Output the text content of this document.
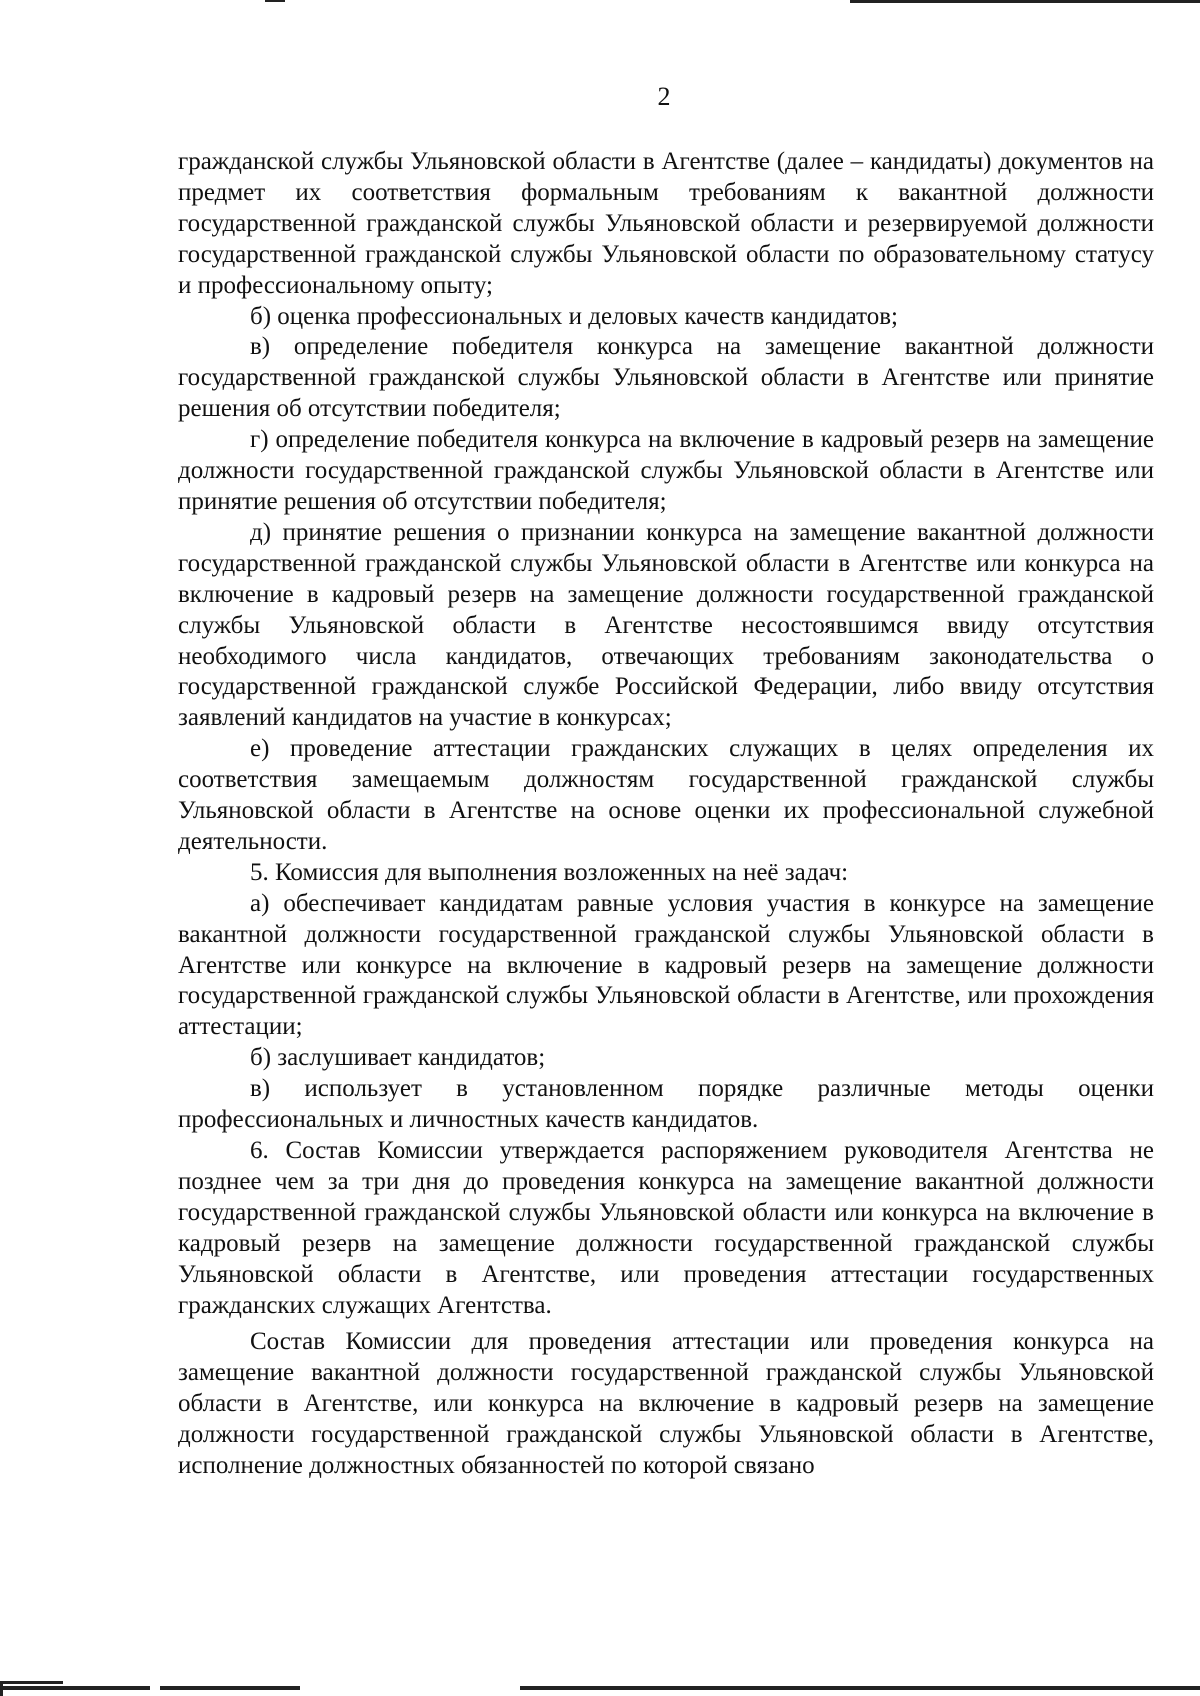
2

гражданской службы Ульяновской области в Агентстве (далее – кандидаты) документов на предмет их соответствия формальным требованиям к вакантной должности государственной гражданской службы Ульяновской области и резервируемой должности государственной гражданской службы Ульяновской области по образовательному статусу и профессиональному опыту;

б) оценка профессиональных и деловых качеств кандидатов;

в) определение победителя конкурса на замещение вакантной должности государственной гражданской службы Ульяновской области в Агентстве или принятие решения об отсутствии победителя;

г) определение победителя конкурса на включение в кадровый резерв на замещение должности государственной гражданской службы Ульяновской области в Агентстве или принятие решения об отсутствии победителя;

д) принятие решения о признании конкурса на замещение вакантной должности государственной гражданской службы Ульяновской области в Агентстве или конкурса на включение в кадровый резерв на замещение должности государственной гражданской службы Ульяновской области в Агентстве несостоявшимся ввиду отсутствия необходимого числа кандидатов, отвечающих требованиям законодательства о государственной гражданской службе Российской Федерации, либо ввиду отсутствия заявлений кандидатов на участие в конкурсах;

е) проведение аттестации гражданских служащих в целях определения их соответствия замещаемым должностям государственной гражданской службы Ульяновской области в Агентстве на основе оценки их профессиональной служебной деятельности.

5. Комиссия для выполнения возложенных на неё задач:

а) обеспечивает кандидатам равные условия участия в конкурсе на замещение вакантной должности государственной гражданской службы Ульяновской области в Агентстве или конкурсе на включение в кадровый резерв на замещение должности государственной гражданской службы Ульяновской области в Агентстве, или прохождения аттестации;

б) заслушивает кандидатов;

в) использует в установленном порядке различные методы оценки профессиональных и личностных качеств кандидатов.

6. Состав Комиссии утверждается распоряжением руководителя Агентства не позднее чем за три дня до проведения конкурса на замещение вакантной должности государственной гражданской службы Ульяновской области или конкурса на включение в кадровый резерв на замещение должности государственной гражданской службы Ульяновской области в Агентстве, или проведения аттестации государственных гражданских служащих Агентства.

Состав Комиссии для проведения аттестации или проведения конкурса на замещение вакантной должности государственной гражданской службы Ульяновской области в Агентстве, или конкурса на включение в кадровый резерв на замещение должности государственной гражданской службы Ульяновской области в Агентстве, исполнение должностных обязанностей по которой связано
